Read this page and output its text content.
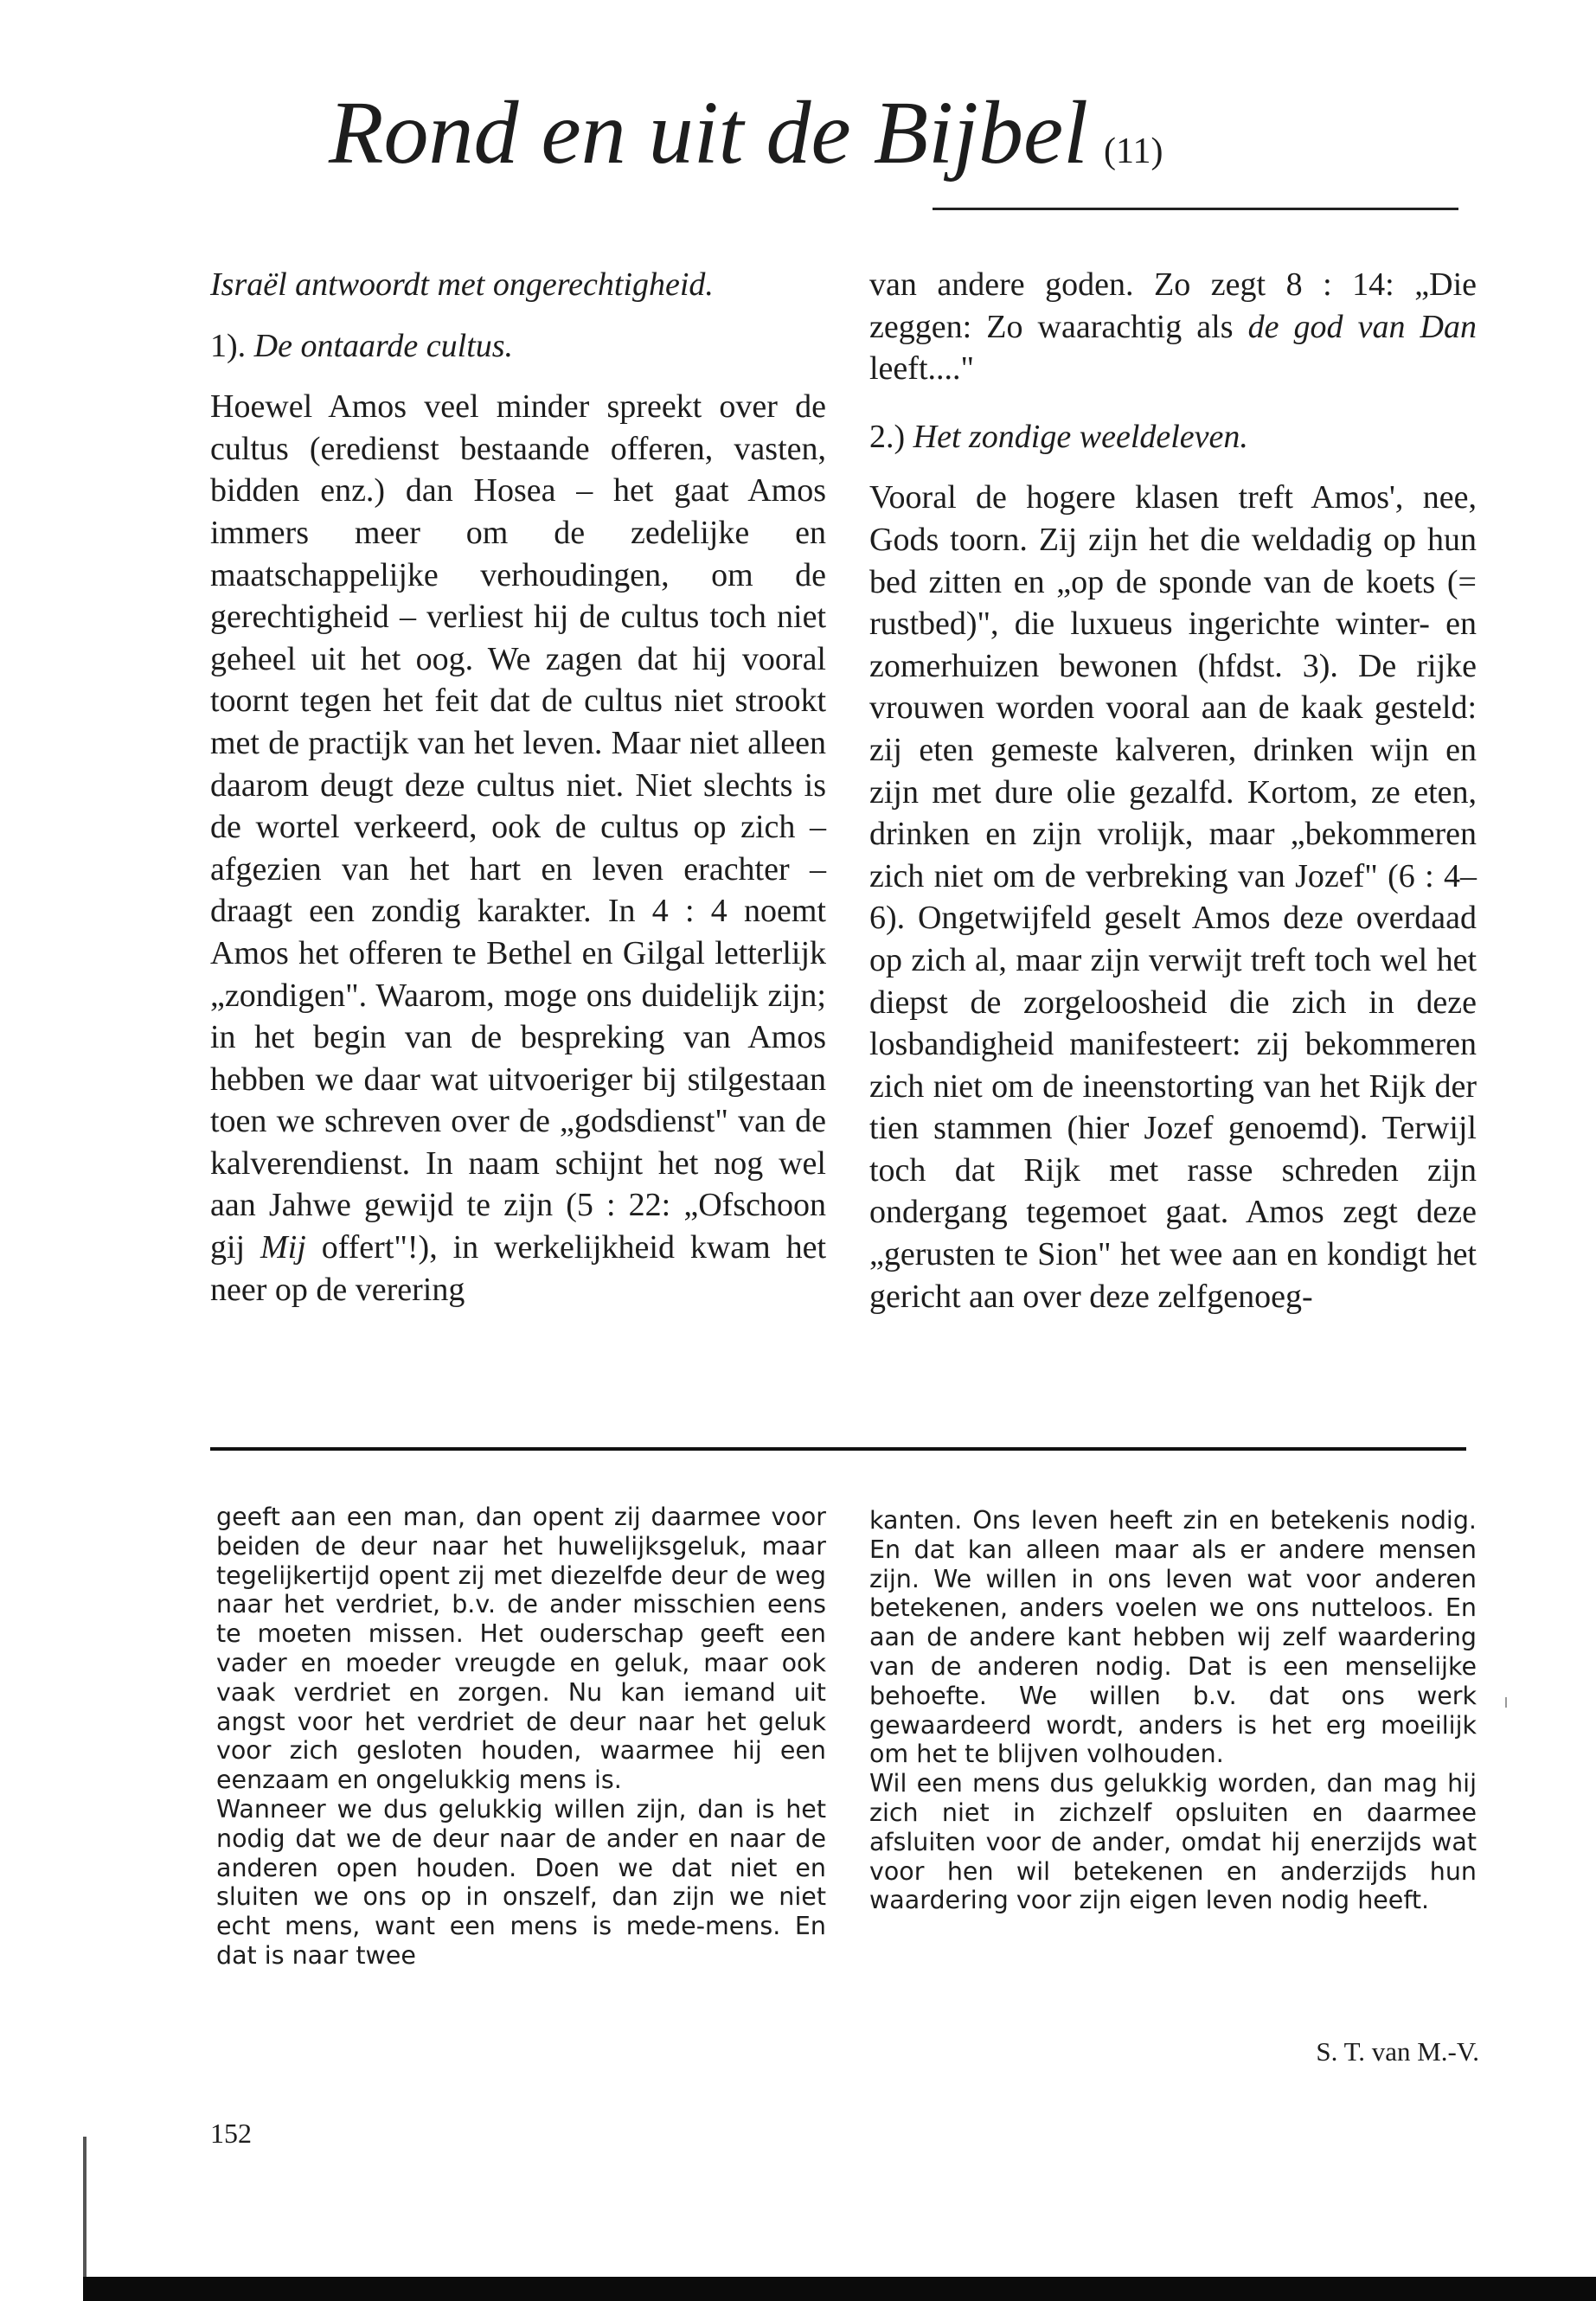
Rond en uit de Bijbel (11)

Israël antwoordt met ongerechtigheid.

1). De ontaarde cultus.

Hoewel Amos veel minder spreekt over de cultus (eredienst bestaande offeren, vasten, bidden enz.) dan Hosea – het gaat Amos immers meer om de zedelijke en maatschappelijke verhoudingen, om de gerechtigheid – verliest hij de cultus toch niet geheel uit het oog. We zagen dat hij vooral toornt tegen het feit dat de cultus niet strookt met de practijk van het leven. Maar niet alleen daarom deugt deze cultus niet. Niet slechts is de wortel verkeerd, ook de cultus op zich – afgezien van het hart en leven erachter – draagt een zondig karakter. In 4 : 4 noemt Amos het offeren te Bethel en Gilgal letterlijk „zondigen". Waarom, moge ons duidelijk zijn; in het begin van de bespreking van Amos hebben we daar wat uitvoeriger bij stilgestaan toen we schreven over de „godsdienst" van de kalverendienst. In naam schijnt het nog wel aan Jahwe gewijd te zijn (5 : 22: „Ofschoon gij Mij offert"!), in werkelijkheid kwam het neer op de verering

van andere goden. Zo zegt 8 : 14: „Die zeggen: Zo waarachtig als de god van Dan leeft...."

2.) Het zondige weeldeleven.

Vooral de hogere klasen treft Amos', nee, Gods toorn. Zij zijn het die weldadig op hun bed zitten en „op de sponde van de koets (= rustbed)", die luxueus ingerichte winter- en zomerhuizen bewonen (hfdst. 3). De rijke vrouwen worden vooral aan de kaak gesteld: zij eten gemeste kalveren, drinken wijn en zijn met dure olie gezalfd. Kortom, ze eten, drinken en zijn vrolijk, maar „bekommeren zich niet om de verbreking van Jozef" (6 : 4–6). Ongetwijfeld geselt Amos deze overdaad op zich al, maar zijn verwijt treft toch wel het diepst de zorgeloosheid die zich in deze losbandigheid manifesteert: zij bekommeren zich niet om de ineenstorting van het Rijk der tien stammen (hier Jozef genoemd). Terwijl toch dat Rijk met rasse schreden zijn ondergang tegemoet gaat. Amos zegt deze „gerusten te Sion" het wee aan en kondigt het gericht aan over deze zelfgenoeg-

geeft aan een man, dan opent zij daarmee voor beiden de deur naar het huwelijksgeluk, maar tegelijkertijd opent zij met diezelfde deur de weg naar het verdriet, b.v. de ander misschien eens te moeten missen. Het ouderschap geeft een vader en moeder vreugde en geluk, maar ook vaak verdriet en zorgen. Nu kan iemand uit angst voor het verdriet de deur naar het geluk voor zich gesloten houden, waarmee hij een eenzaam en ongelukkig mens is.

Wanneer we dus gelukkig willen zijn, dan is het nodig dat we de deur naar de ander en naar de anderen open houden. Doen we dat niet en sluiten we ons op in onszelf, dan zijn we niet echt mens, want een mens is mede-mens. En dat is naar twee

kanten. Ons leven heeft zin en betekenis nodig. En dat kan alleen maar als er andere mensen zijn. We willen in ons leven wat voor anderen betekenen, anders voelen we ons nutteloos. En aan de andere kant hebben wij zelf waardering van de anderen nodig. Dat is een menselijke behoefte. We willen b.v. dat ons werk gewaardeerd wordt, anders is het erg moeilijk om het te blijven volhouden.

Wil een mens dus gelukkig worden, dan mag hij zich niet in zichzelf opsluiten en daarmee afsluiten voor de ander, omdat hij enerzijds wat voor hen wil betekenen en anderzijds hun waardering voor zijn eigen leven nodig heeft.

S. T. van M.-V.
152
